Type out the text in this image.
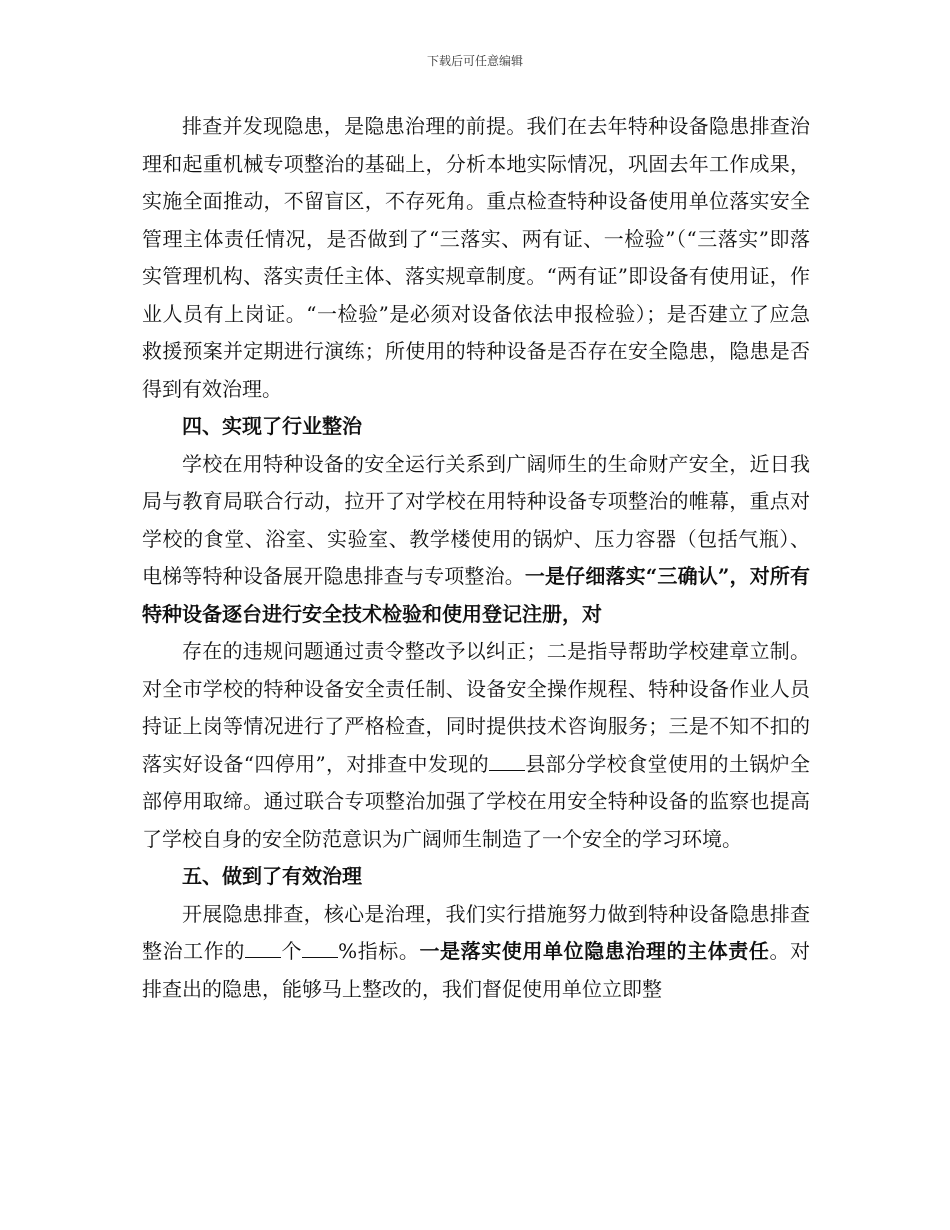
下载后可任意编辑

排查并发现隐患，是隐患治理的前提。我们在去年特种设备隐患排查治理和起重机械专项整治的基础上，分析本地实际情况，巩固去年工作成果，实施全面推动，不留盲区，不存死角。重点检查特种设备使用单位落实安全管理主体责任情况，是否做到了“三落实、两有证、一检验”（“三落实”即落实管理机构、落实责任主体、落实规章制度。“两有证”即设备有使用证，作业人员有上岗证。“一检验”是必须对设备依法申报检验）；是否建立了应急救援预案并定期进行演练；所使用的特种设备是否存在安全隐患，隐患是否得到有效治理。

四、实现了行业整治

学校在用特种设备的安全运行关系到广阔师生的生命财产安全，近日我局与教育局联合行动，拉开了对学校在用特种设备专项整治的帷幕，重点对学校的食堂、浴室、实验室、教学楼使用的锅炉、压力容器（包括气瓶）、电梯等特种设备展开隐患排查与专项整治。一是仔细落实“三确认”，对所有特种设备逐台进行安全技术检验和使用登记注册，对

存在的违规问题通过责令整改予以纠正；二是指导帮助学校建章立制。对全市学校的特种设备安全责任制、设备安全操作规程、特种设备作业人员持证上岗等情况进行了严格检查，同时提供技术咨询服务；三是不知不扣的落实好设备“四停用”，对排查中发现的 县部分学校食堂使用的土锅炉全部停用取缔。通过联合专项整治加强了学校在用安全特种设备的监察也提高了学校自身的安全防范意识为广阔师生制造了一个安全的学习环境。

五、做到了有效治理

开展隐患排查，核心是治理，我们实行措施努力做到特种设备隐患排查整治工作的 个 %指标。一是落实使用单位隐患治理的主体责任。对排查出的隐患，能够马上整改的，我们督促使用单位立即整
